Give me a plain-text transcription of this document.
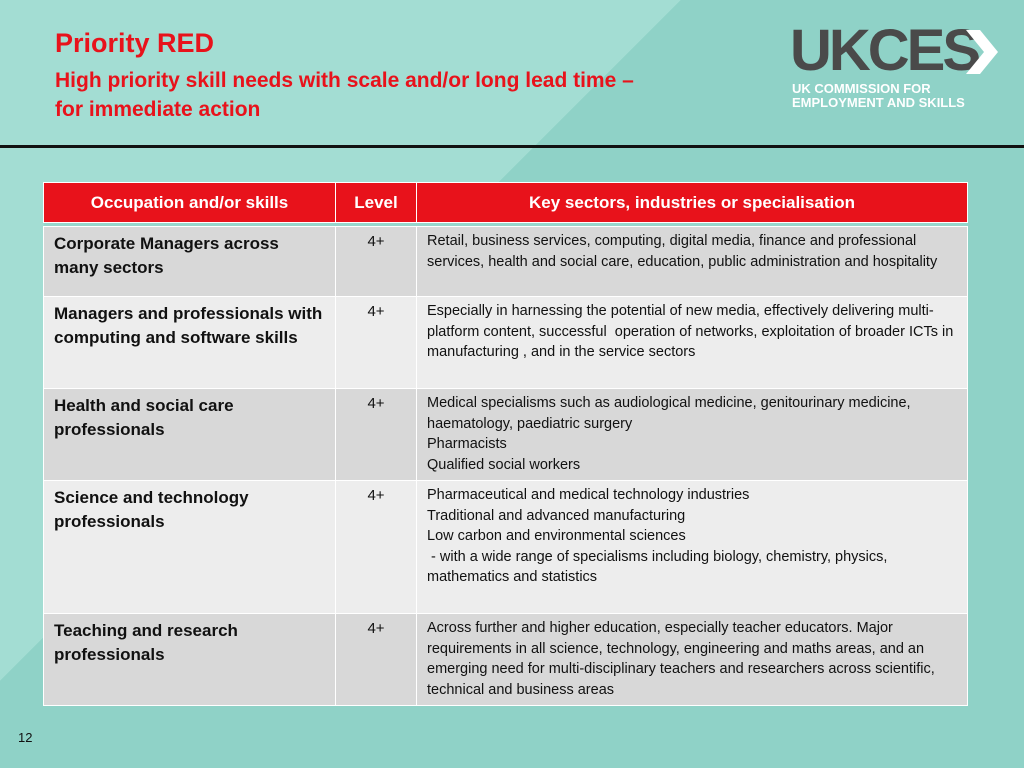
Priority RED
High priority skill needs with scale and/or long lead time –
for immediate action
UKCES
UK COMMISSION FOR
EMPLOYMENT AND SKILLS
Occupation and/or skills	Level	Key sectors, industries or specialisation

Corporate Managers across many sectors	4+	Retail, business services, computing, digital media, finance and professional services, health and social care, education, public administration and hospitality

Managers and professionals with computing and software skills	4+	Especially in harnessing the potential of new media, effectively delivering multi-platform content, successful  operation of networks, exploitation of broader ICTs in manufacturing , and in the service sectors

Health and social care professionals	4+	Medical specialisms such as audiological medicine, genitourinary medicine, haematology, paediatric surgery
Pharmacists
Qualified social workers

Science and technology professionals	4+	Pharmaceutical and medical technology industries
Traditional and advanced manufacturing
Low carbon and environmental sciences
- with a wide range of specialisms including biology, chemistry, physics, mathematics and statistics

Teaching and research professionals	4+	Across further and higher education, especially teacher educators. Major requirements in all science, technology, engineering and maths areas, and an emerging need for multi-disciplinary teachers and researchers across scientific, technical and business areas
12
